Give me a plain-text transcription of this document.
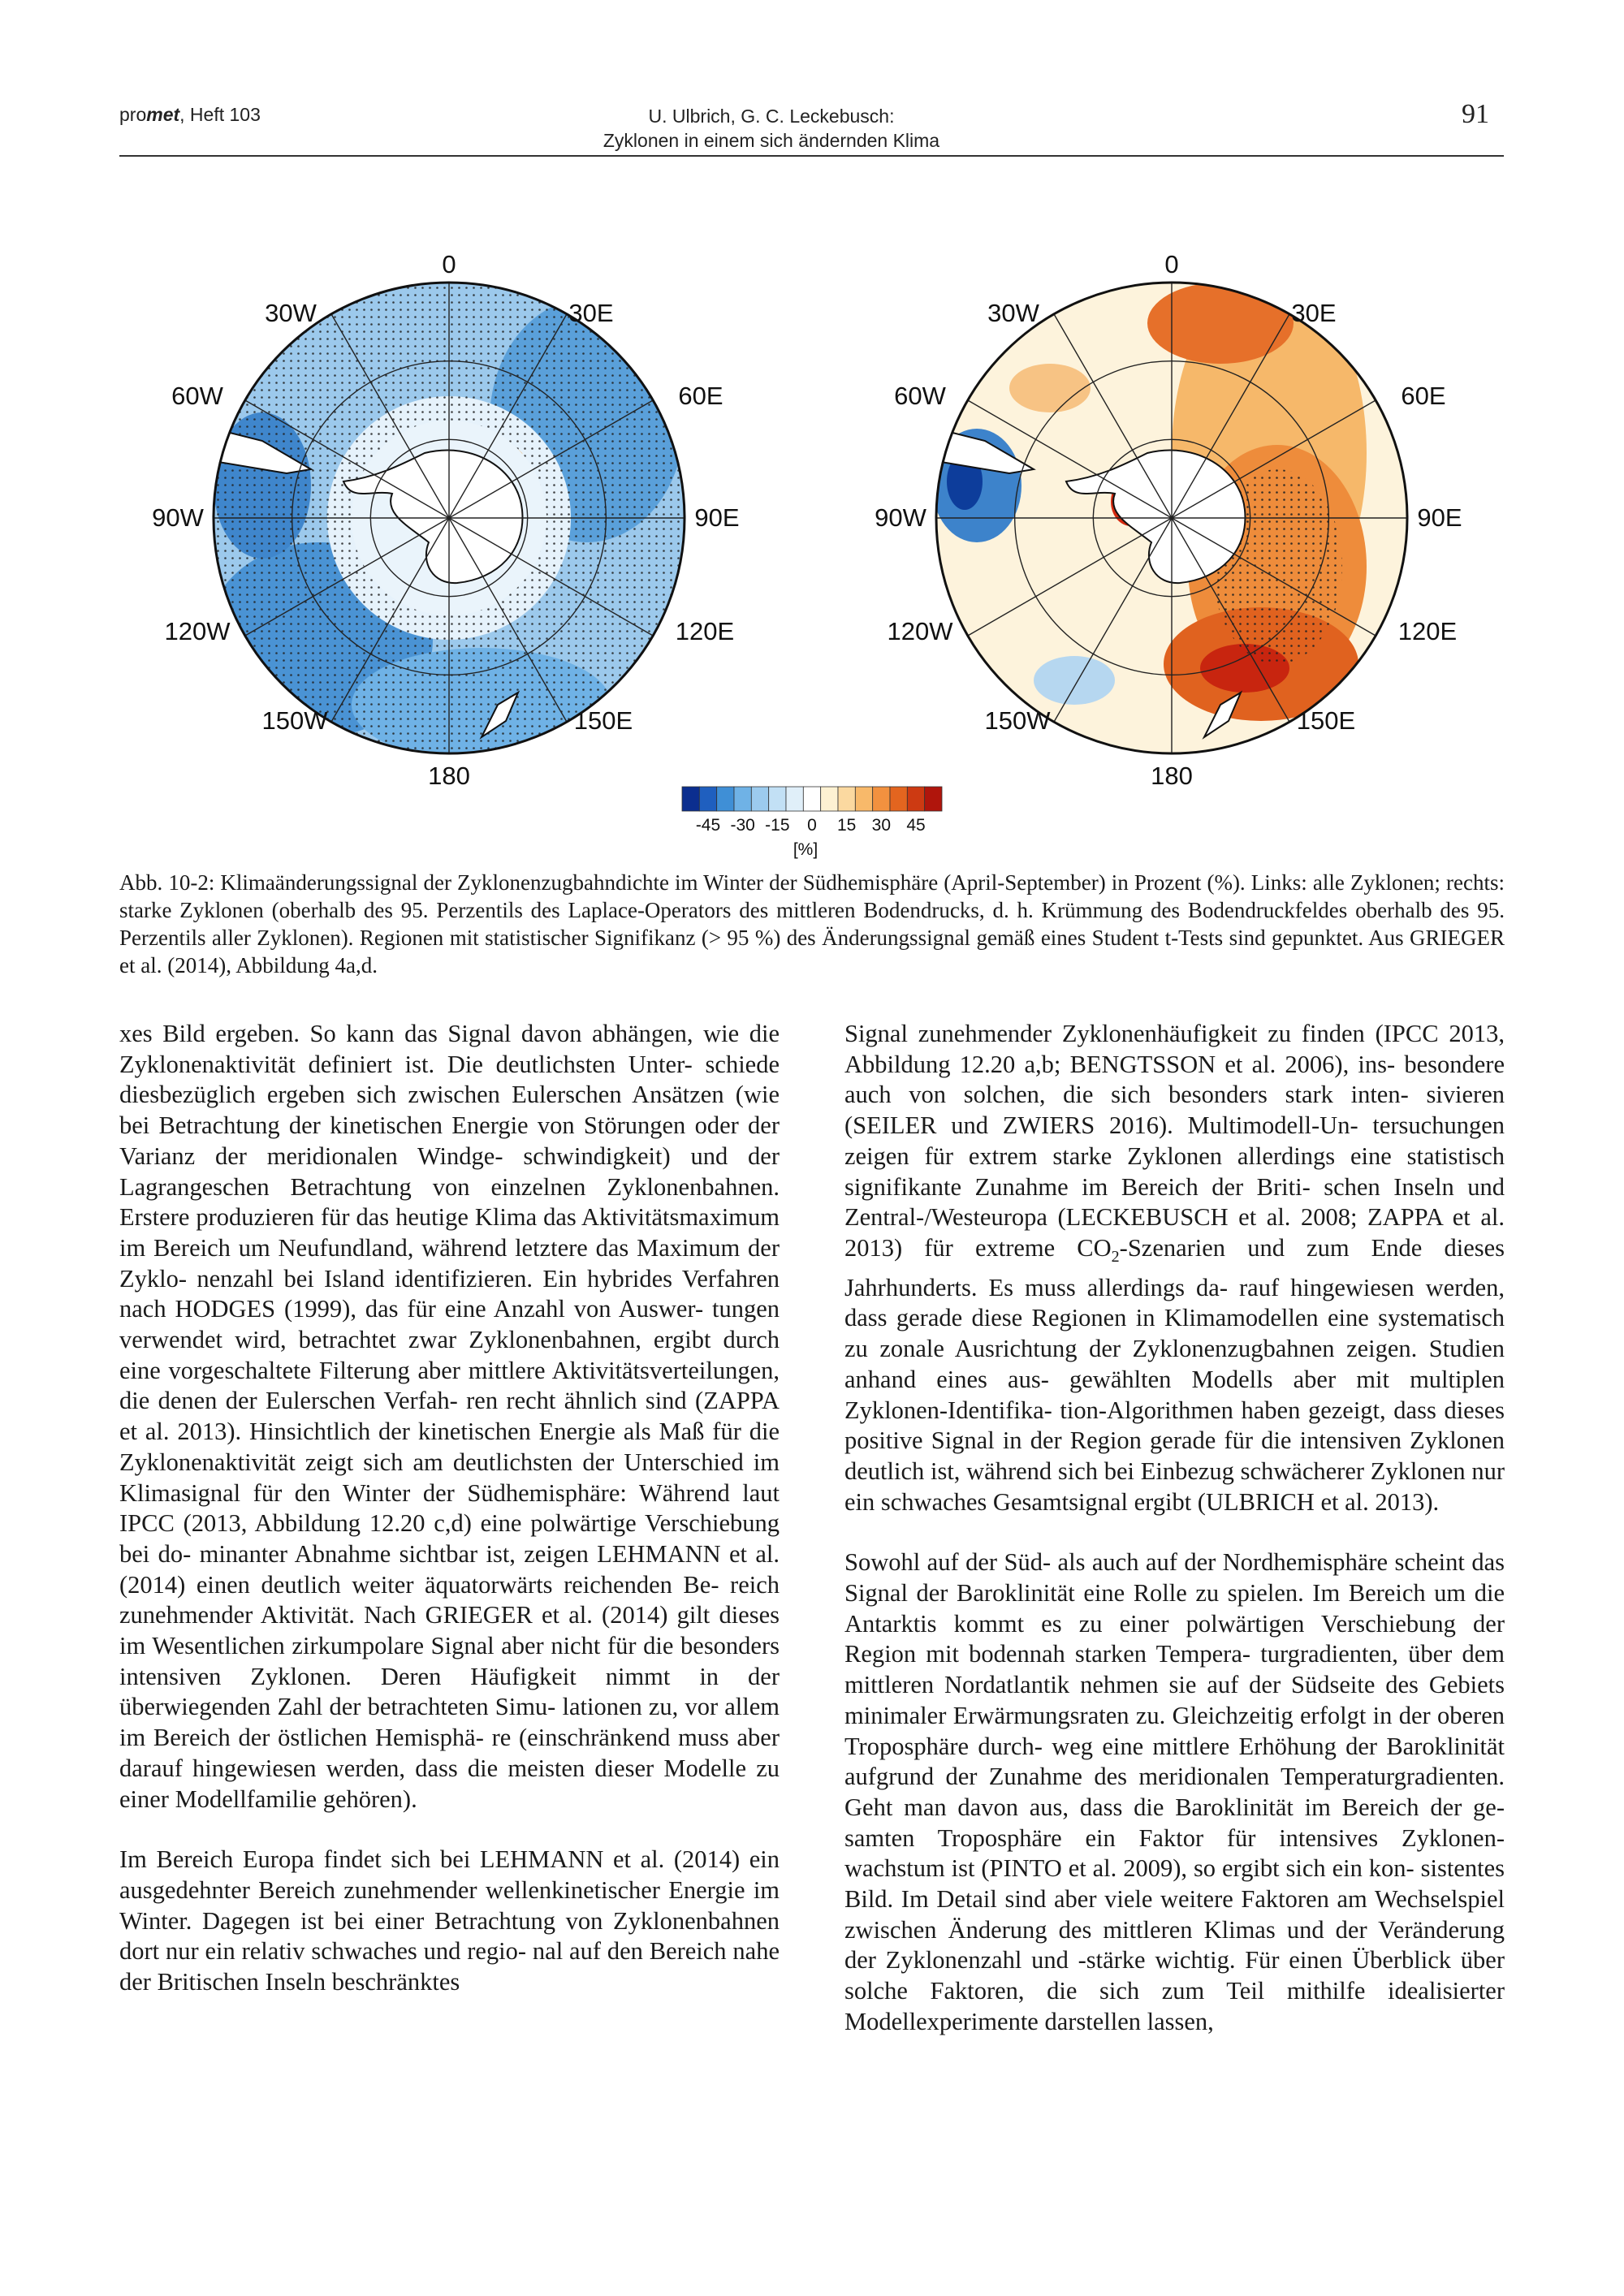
promet, Heft 103	U. Ulbrich, G. C. Leckebusch:
Zyklonen in einem sich ändernden Klima
91
0
30W	30E
60W	60E
90W	90E
120W	120E
150W	150E
180
0
30W	30E
60W	60E
90W	90E
120W	120E
150W	150E
180
-45 -30 -15 0 15 30 45
[%]
Abb. 10-2: Klimaänderungssignal der Zyklonenzugbahndichte im Winter der Südhemisphäre (April-September) in Prozent (%). Links: alle Zyklonen; rechts: starke Zyklonen (oberhalb des 95. Perzentils des Laplace-Operators des mittleren Bodendrucks, d. h. Krümmung des Bodendruckfeldes oberhalb des 95. Perzentils aller Zyklonen). Regionen mit statistischer Signifikanz (> 95 %) des Änderungssignal gemäß eines Student t-Tests sind gepunktet. Aus GRIEGER et al. (2014), Abbildung 4a,d.

xes Bild ergeben. So kann das Signal davon abhängen, wie die Zyklonenaktivität definiert ist. Die deutlichsten Unter- schiede diesbezüglich ergeben sich zwischen Eulerschen Ansätzen (wie bei Betrachtung der kinetischen Energie von Störungen oder der Varianz der meridionalen Windge- schwindigkeit) und der Lagrangeschen Betrachtung von einzelnen Zyklonenbahnen. Erstere produzieren für das heutige Klima das Aktivitätsmaximum im Bereich um Neufundland, während letztere das Maximum der Zyklo- nenzahl bei Island identifizieren. Ein hybrides Verfahren nach HODGES (1999), das für eine Anzahl von Auswer- tungen verwendet wird, betrachtet zwar Zyklonenbahnen, ergibt durch eine vorgeschaltete Filterung aber mittlere Aktivitätsverteilungen, die denen der Eulerschen Verfah- ren recht ähnlich sind (ZAPPA et al. 2013). Hinsichtlich der kinetischen Energie als Maß für die Zyklonenaktivität zeigt sich am deutlichsten der Unterschied im Klimasignal für den Winter der Südhemisphäre: Während laut IPCC (2013, Abbildung 12.20 c,d) eine polwärtige Verschiebung bei do- minanter Abnahme sichtbar ist, zeigen LEHMANN et al. (2014) einen deutlich weiter äquatorwärts reichenden Be- reich zunehmender Aktivität. Nach GRIEGER et al. (2014) gilt dieses im Wesentlichen zirkumpolare Signal aber nicht für die besonders intensiven Zyklonen. Deren Häufigkeit nimmt in der überwiegenden Zahl der betrachteten Simu- lationen zu, vor allem im Bereich der östlichen Hemisphä- re (einschränkend muss aber darauf hingewiesen werden, dass die meisten dieser Modelle zu einer Modellfamilie gehören).

Im Bereich Europa findet sich bei LEHMANN et al. (2014) ein ausgedehnter Bereich zunehmender wellenkinetischer Energie im Winter. Dagegen ist bei einer Betrachtung von Zyklonenbahnen dort nur ein relativ schwaches und regio- nal auf den Bereich nahe der Britischen Inseln beschränktes

Signal zunehmender Zyklonenhäufigkeit zu finden (IPCC 2013, Abbildung 12.20 a,b; BENGTSSON et al. 2006), ins- besondere auch von solchen, die sich besonders stark inten- sivieren (SEILER und ZWIERS 2016). Multimodell-Un- tersuchungen zeigen für extrem starke Zyklonen allerdings eine statistisch signifikante Zunahme im Bereich der Briti- schen Inseln und Zentral-/Westeuropa (LECKEBUSCH et al. 2008; ZAPPA et al. 2013) für extreme $CO_2$-Szenarien und zum Ende dieses Jahrhunderts. Es muss allerdings da- rauf hingewiesen werden, dass gerade diese Regionen in Klimamodellen eine systematisch zu zonale Ausrichtung der Zyklonenzugbahnen zeigen. Studien anhand eines aus- gewählten Modells aber mit multiplen Zyklonen-Identifika- tion-Algorithmen haben gezeigt, dass dieses positive Signal in der Region gerade für die intensiven Zyklonen deutlich ist, während sich bei Einbezug schwächerer Zyklonen nur ein schwaches Gesamtsignal ergibt (ULBRICH et al. 2013).

Sowohl auf der Süd- als auch auf der Nordhemisphäre scheint das Signal der Baroklinität eine Rolle zu spielen. Im Bereich um die Antarktis kommt es zu einer polwärtigen Verschiebung der Region mit bodennah starken Tempera- turgradienten, über dem mittleren Nordatlantik nehmen sie auf der Südseite des Gebiets minimaler Erwärmungsraten zu. Gleichzeitig erfolgt in der oberen Troposphäre durch- weg eine mittlere Erhöhung der Baroklinität aufgrund der Zunahme des meridionalen Temperaturgradienten. Geht man davon aus, dass die Baroklinität im Bereich der ge- samten Troposphäre ein Faktor für intensives Zyklonen- wachstum ist (PINTO et al. 2009), so ergibt sich ein kon- sistentes Bild. Im Detail sind aber viele weitere Faktoren am Wechselspiel zwischen Änderung des mittleren Klimas und der Veränderung der Zyklonenzahl und -stärke wichtig. Für einen Überblick über solche Faktoren, die sich zum Teil mithilfe idealisierter Modellexperimente darstellen lassen,
